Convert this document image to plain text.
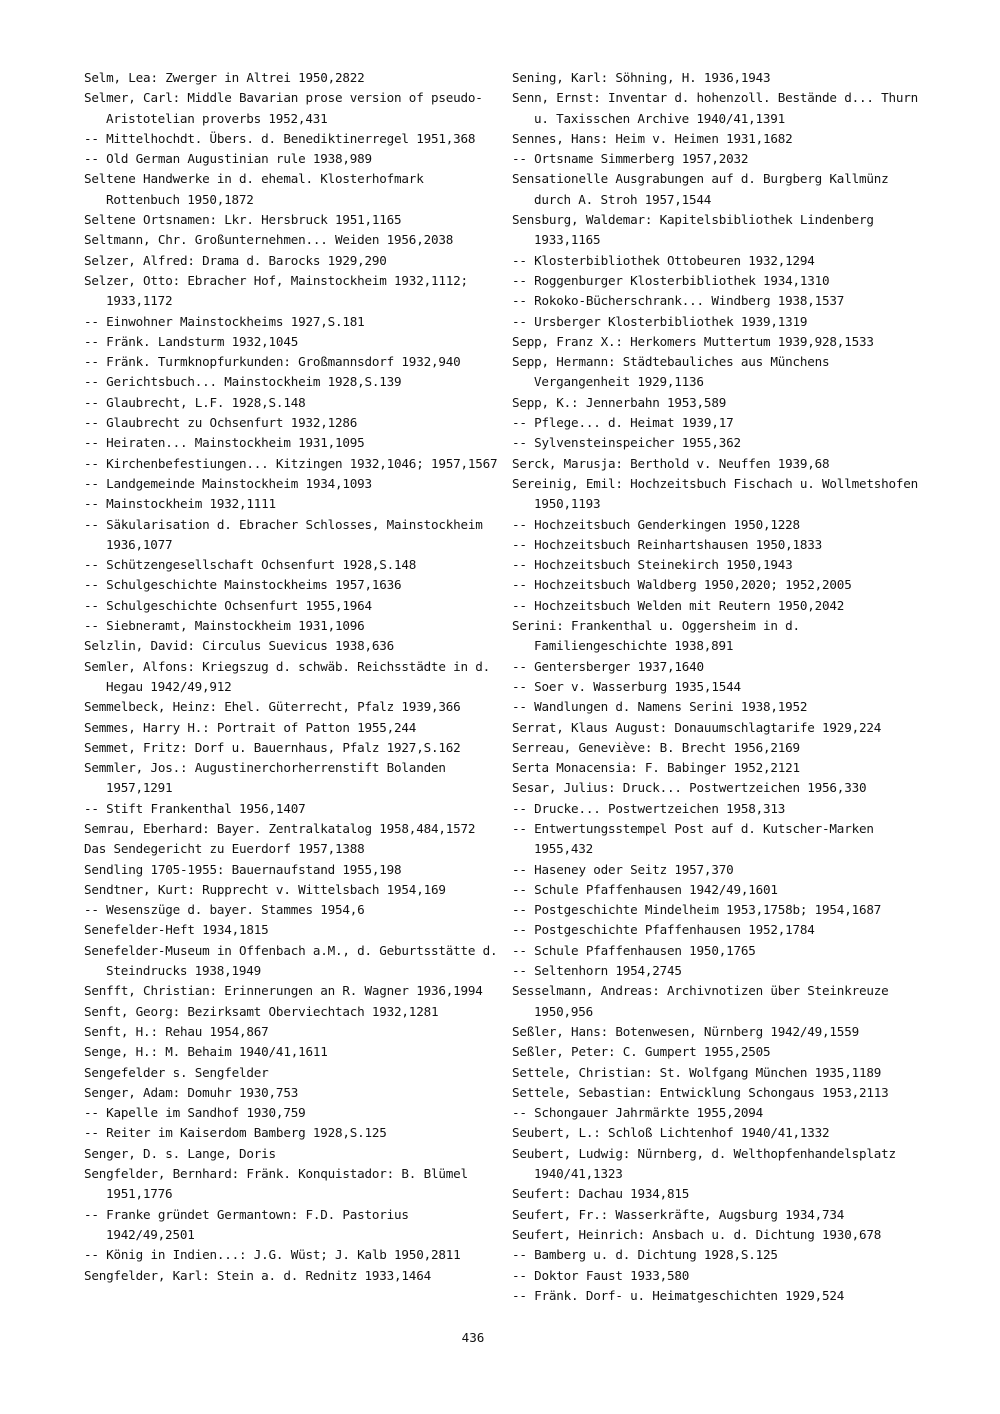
Selm, Lea: Zwerger in Altrei 1950,2822
Selmer, Carl: Middle Bavarian prose version of pseudo-Aristotelian proverbs 1952,431
-- Mittelhochdt. Übers. d. Benediktinerregel 1951,368
-- Old German Augustinian rule 1938,989
Seltene Handwerke in d. ehemal. Klosterhofmark Rottenbuch 1950,1872
Seltene Ortsnamen: Lkr. Hersbruck 1951,1165
Seltmann, Chr. Großunternehmen... Weiden 1956,2038
Selzer, Alfred: Drama d. Barocks 1929,290
Selzer, Otto: Ebracher Hof, Mainstockheim 1932,1112; 1933,1172
-- Einwohner Mainstockheims 1927,S.181
-- Fränk. Landsturm 1932,1045
-- Fränk. Turmknopfurkunden: Großmannsdorf 1932,940
-- Gerichtsbuch... Mainstockheim 1928,S.139
-- Glaubrecht, L.F. 1928,S.148
-- Glaubrecht zu Ochsenfurt 1932,1286
-- Heiraten... Mainstockheim 1931,1095
-- Kirchenbefestiungen... Kitzingen 1932,1046; 1957,1567
-- Landgemeinde Mainstockheim 1934,1093
-- Mainstockheim 1932,1111
-- Säkularisation d. Ebracher Schlosses, Mainstockheim 1936,1077
-- Schützengesellschaft Ochsenfurt 1928,S.148
-- Schulgeschichte Mainstockheims 1957,1636
-- Schulgeschichte Ochsenfurt 1955,1964
-- Siebneramt, Mainstockheim 1931,1096
Selzlin, David: Circulus Suevicus 1938,636
Semler, Alfons: Kriegszug d. schwäb. Reichsstädte in d. Hegau 1942/49,912
Semmelbeck, Heinz: Ehel. Güterrecht, Pfalz 1939,366
Semmes, Harry H.: Portrait of Patton 1955,244
Semmet, Fritz: Dorf u. Bauernhaus, Pfalz 1927,S.162
Semmler, Jos.: Augustinerchorherrenstift Bolanden 1957,1291
-- Stift Frankenthal 1956,1407
Semrau, Eberhard: Bayer. Zentralkatalog 1958,484,1572
Das Sendegericht zu Euerdorf 1957,1388
Sendling 1705-1955: Bauernaufstand 1955,198
Sendtner, Kurt: Rupprecht v. Wittelsbach 1954,169
-- Wesenszüge d. bayer. Stammes 1954,6
Senefelder-Heft 1934,1815
Senefelder-Museum in Offenbach a.M., d. Geburtsstätte d. Steindrucks 1938,1949
Senfft, Christian: Erinnerungen an R. Wagner 1936,1994
Senft, Georg: Bezirksamt Oberviechtach 1932,1281
Senft, H.: Rehau 1954,867
Senge, H.: M. Behaim 1940/41,1611
Sengefelder s. Sengfelder
Senger, Adam: Domuhr 1930,753
-- Kapelle im Sandhof 1930,759
-- Reiter im Kaiserdom Bamberg 1928,S.125
Senger, D. s. Lange, Doris
Sengfelder, Bernhard: Fränk. Konquistador: B. Blümel 1951,1776
-- Franke gründet Germantown: F.D. Pastorius 1942/49,2501
-- König in Indien...: J.G. Wüst; J. Kalb 1950,2811
Sengfelder, Karl: Stein a. d. Rednitz 1933,1464
Sening, Karl: Söhning, H. 1936,1943
Senn, Ernst: Inventar d. hohenzoll. Bestände d... Thurn u. Taxisschen Archive 1940/41,1391
Sennes, Hans: Heim v. Heimen 1931,1682
-- Ortsname Simmerberg 1957,2032
Sensationelle Ausgrabungen auf d. Burgberg Kallmünz durch A. Stroh 1957,1544
Sensburg, Waldemar: Kapitelsbibliothek Lindenberg 1933,1165
-- Klosterbibliothek Ottobeuren 1932,1294
-- Roggenburger Klosterbibliothek 1934,1310
-- Rokoko-Bücherschrank... Windberg 1938,1537
-- Ursberger Klosterbibliothek 1939,1319
Sepp, Franz X.: Herkomers Muttertum 1939,928,1533
Sepp, Hermann: Städtebauliches aus Münchens Vergangenheit 1929,1136
Sepp, K.: Jennerbahn 1953,589
-- Pflege... d. Heimat 1939,17
-- Sylvensteinspeicher 1955,362
Serck, Marusja: Berthold v. Neuffen 1939,68
Sereinig, Emil: Hochzeitsbuch Fischach u. Wollmetshofen 1950,1193
-- Hochzeitsbuch Genderkingen 1950,1228
-- Hochzeitsbuch Reinhartshausen 1950,1833
-- Hochzeitsbuch Steinekirch 1950,1943
-- Hochzeitsbuch Waldberg 1950,2020; 1952,2005
-- Hochzeitsbuch Welden mit Reutern 1950,2042
Serini: Frankenthal u. Oggersheim in d. Familiengeschichte 1938,891
-- Gentersberger 1937,1640
-- Soer v. Wasserburg 1935,1544
-- Wandlungen d. Namens Serini 1938,1952
Serrat, Klaus August: Donauumschlagtarife 1929,224
Serreau, Geneviève: B. Brecht 1956,2169
Serta Monacensia: F. Babinger 1952,2121
Sesar, Julius: Druck... Postwertzeichen 1956,330
-- Drucke... Postwertzeichen 1958,313
-- Entwertungsstempel Post auf d. Kutscher-Marken 1955,432
-- Haseney oder Seitz 1957,370
-- Schule Pfaffenhausen 1942/49,1601
-- Postgeschichte Mindelheim 1953,1758b; 1954,1687
-- Postgeschichte Pfaffenhausen 1952,1784
-- Schule Pfaffenhausen 1950,1765
-- Seltenhorn 1954,2745
Sesselmann, Andreas: Archivnotizen über Steinkreuze 1950,956
Seßler, Hans: Botenwesen, Nürnberg 1942/49,1559
Seßler, Peter: C. Gumpert 1955,2505
Settele, Christian: St. Wolfgang München 1935,1189
Settele, Sebastian: Entwicklung Schongaus 1953,2113
-- Schongauer Jahrmärkte 1955,2094
Seubert, L.: Schloß Lichtenhof 1940/41,1332
Seubert, Ludwig: Nürnberg, d. Welthopfenhandelsplatz 1940/41,1323
Seufert: Dachau 1934,815
Seufert, Fr.: Wasserkräfte, Augsburg 1934,734
Seufert, Heinrich: Ansbach u. d. Dichtung 1930,678
-- Bamberg u. d. Dichtung 1928,S.125
-- Doktor Faust 1933,580
-- Fränk. Dorf- u. Heimatgeschichten 1929,524
436
